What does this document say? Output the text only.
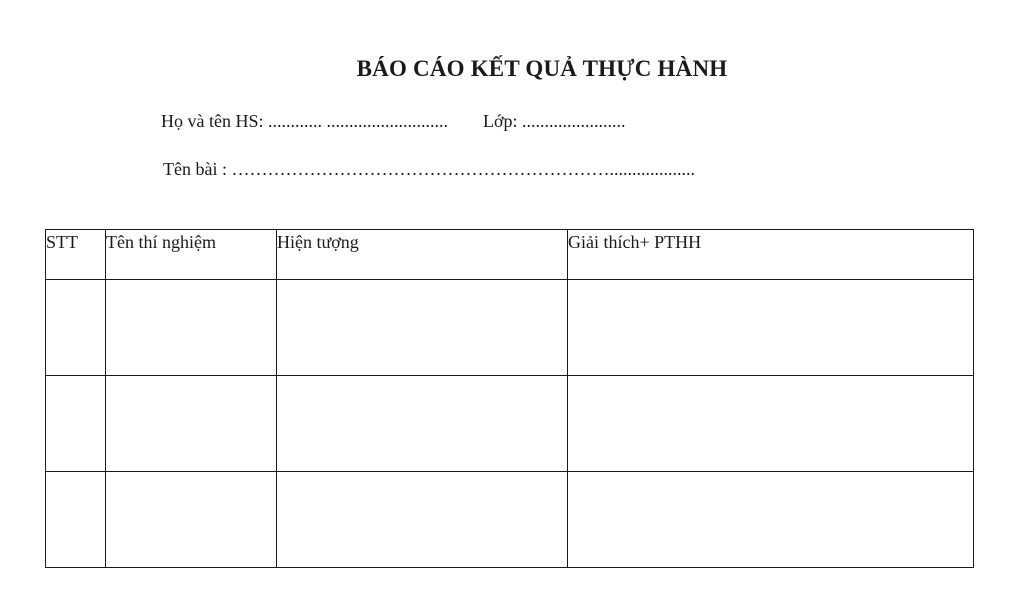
BÁO CÁO KẾT QUẢ THỰC HÀNH
Họ và tên HS: ............ ........................... Lớp: .......................
Tên bài : ………………………………………………………...................
STT	Tên thí nghiệm	Hiện tượng	Giải thích+ PTHH
